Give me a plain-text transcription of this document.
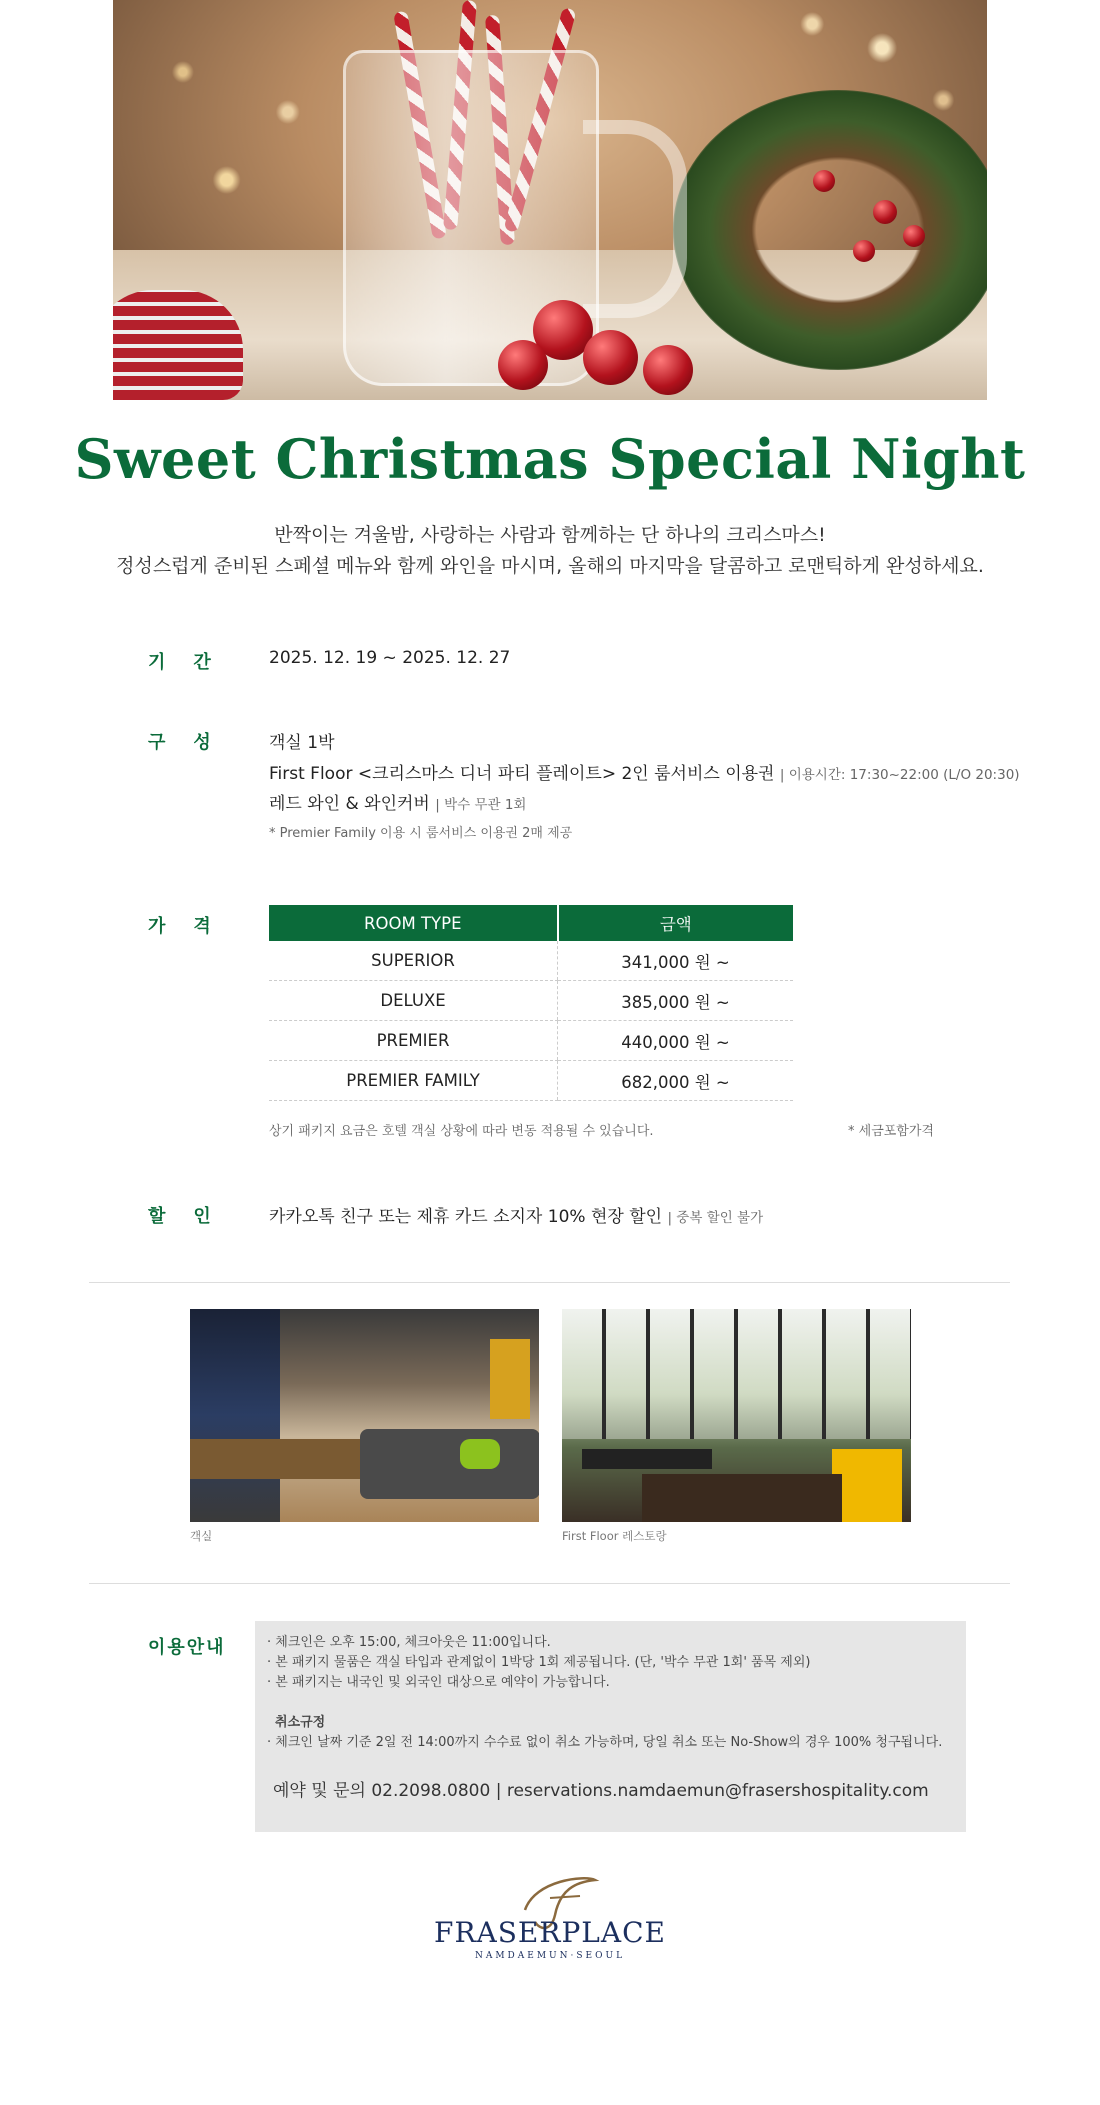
Sweet Christmas Special Night
반짝이는 겨울밤, 사랑하는 사람과 함께하는 단 하나의 크리스마스!
정성스럽게 준비된 스페셜 메뉴와 함께 와인을 마시며, 올해의 마지막을 달콤하고 로맨틱하게 완성하세요.
기간 2025. 12. 19 ~ 2025. 12. 27
구성 객실 1박
First Floor <크리스마스 디너 파티 플레이트> 2인 룸서비스 이용권 | 이용시간: 17:30~22:00 (L/O 20:30)
레드 와인 & 와인커버 | 박수 무관 1회
* Premier Family 이용 시 룸서비스 이용권 2매 제공
가격	ROOM TYPE	금액
SUPERIOR	341,000 원 ~
DELUXE	385,000 원 ~
PREMIER	440,000 원 ~
PREMIER FAMILY	682,000 원 ~
상기 패키지 요금은 호텔 객실 상황에 따라 변동 적용될 수 있습니다.	* 세금포함가격
할인 카카오톡 친구 또는 제휴 카드 소지자 10% 현장 할인 | 중복 할인 불가
객실	First Floor 레스토랑
이용안내	· 체크인은 오후 15:00, 체크아웃은 11:00입니다.
· 본 패키지 물품은 객실 타입과 관계없이 1박당 1회 제공됩니다. (단, '박수 무관 1회' 품목 제외)
· 본 패키지는 내국인 및 외국인 대상으로 예약이 가능합니다.
취소규정
· 체크인 날짜 기준 2일 전 14:00까지 수수료 없이 취소 가능하며, 당일 취소 또는 No-Show의 경우 100% 청구됩니다.
예약 및 문의 02.2098.0800 | reservations.namdaemun@frasershospitality.com
FRASERPLACE
NAMDAEMUN·SEOUL
